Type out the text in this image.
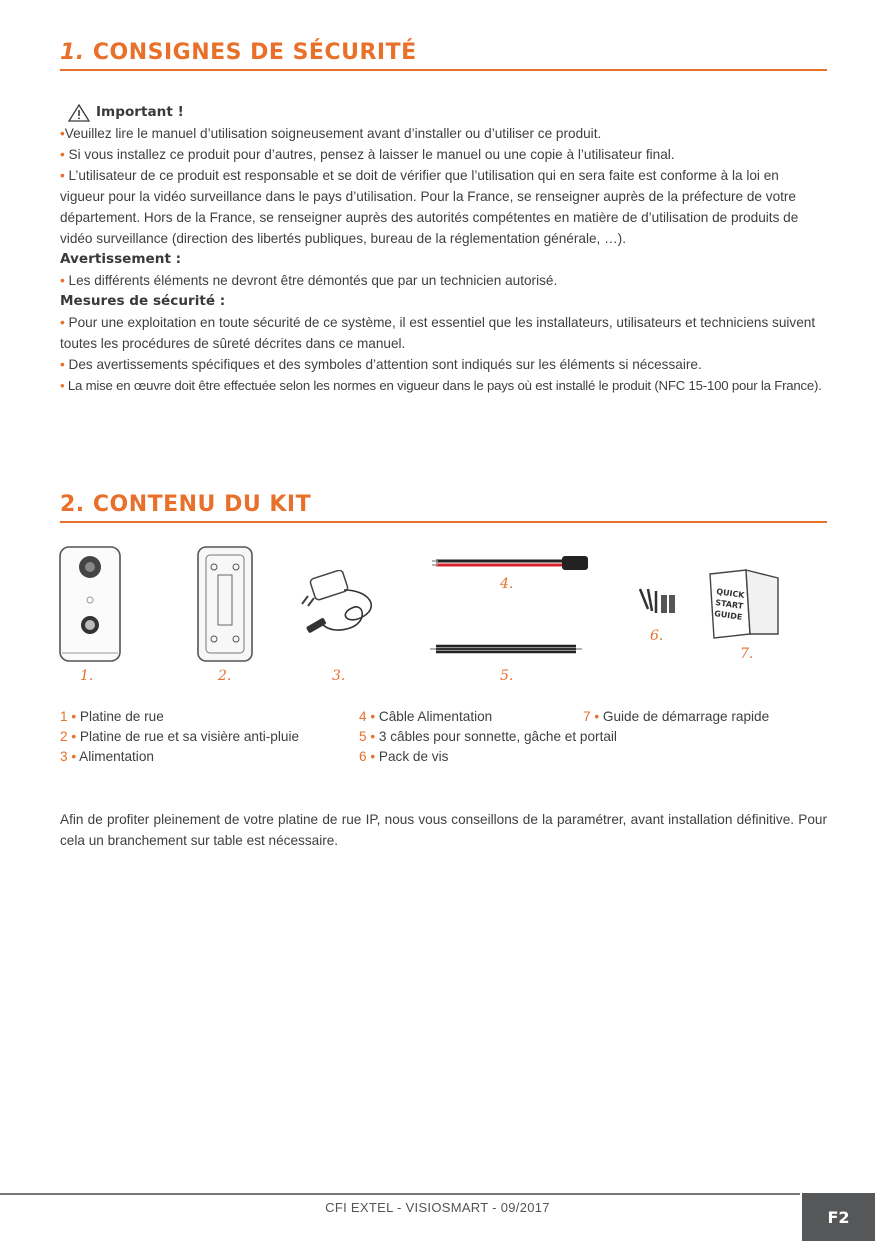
1. CONSIGNES DE SÉCURITÉ
Important !

•Veuillez lire le manuel d’utilisation soigneusement avant d’installer ou d’utiliser ce produit.

• Si vous installez ce produit pour d’autres, pensez à laisser le manuel ou une copie à l’utilisateur final.

• L’utilisateur de ce produit est responsable et se doit de vérifier que l’utilisation qui en sera faite est conforme à la loi en vigueur pour la vidéo surveillance dans le pays d’utilisation. Pour la France, se renseigner auprès de la préfecture de votre département. Hors de la France, se renseigner auprès des autorités compétentes en matière de d’utilisation de produits de vidéo surveillance (direction des libertés publiques, bureau de la réglementation générale, …).

Avertissement :

• Les différents éléments ne devront être démontés que par un technicien autorisé.

Mesures de sécurité :

• Pour une exploitation en toute sécurité de ce système, il est essentiel que les installateurs, utilisateurs et techniciens suivent toutes les procédures de sûreté décrites dans ce manuel.

• Des avertissements spécifiques et des symboles d’attention sont indiqués sur les éléments si nécessaire.

• La mise en œuvre doit être effectuée selon les normes en vigueur dans le pays où est installé le produit (NFC 15-100 pour la France).

2. CONTENU DU KIT
QUICK
START
GUIDE
1.	2.	3.
4.
5.
6.
7.
1 • Platine de rue
2 • Platine de rue et sa visière anti-pluie
3 • Alimentation
4 • Câble Alimentation
5 • 3 câbles pour sonnette, gâche et portail
6 • Pack de vis
7 • Guide de démarrage rapide

Afin de profiter pleinement de votre platine de rue IP, nous vous conseillons de la paramétrer, avant installation définitive. Pour cela un branchement sur table est nécessaire.

CFI EXTEL - VISIOSMART - 09/2017	F2
